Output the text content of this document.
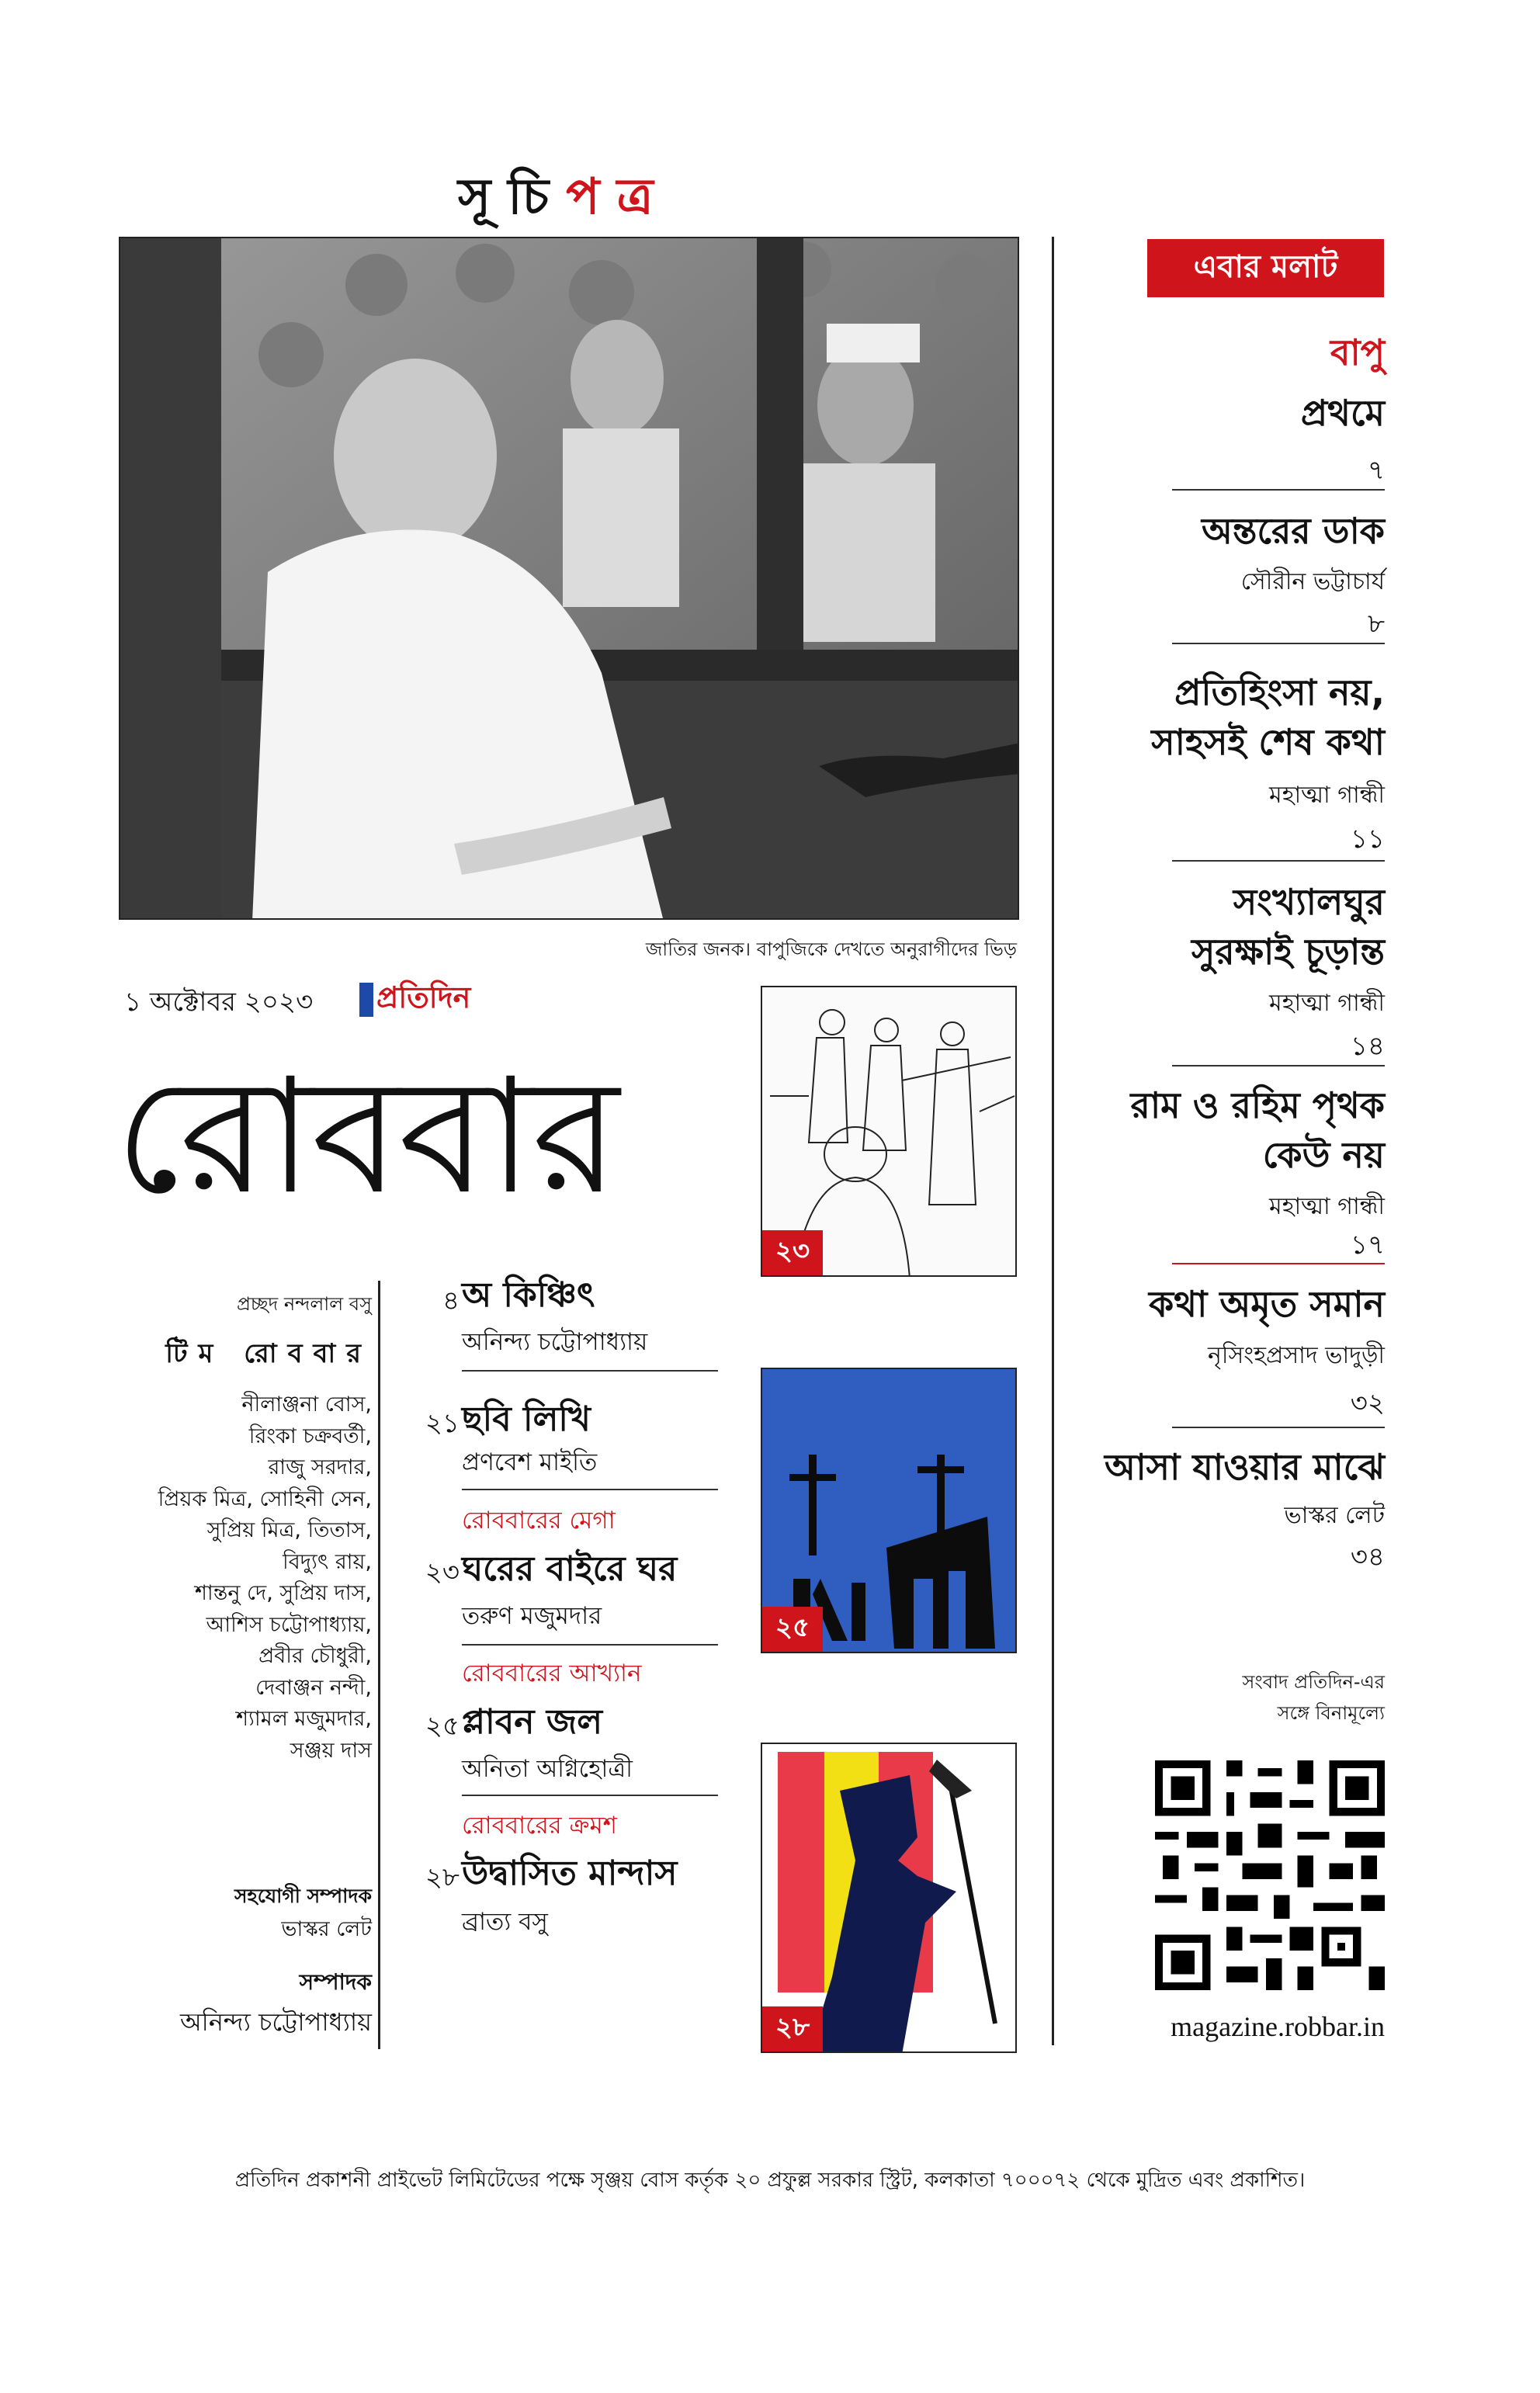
সূচিপত্র
জাতির জনক। বাপুজিকে দেখতে অনুরাগীদের ভিড়
এবার মলাট
বাপু
প্রথমে
৭
অন্তরের ডাক
সৌরীন ভট্টাচার্য
৮
প্রতিহিংসা নয়,
সাহসই শেষ কথা
মহাত্মা গান্ধী
১১
সংখ্যালঘুর
সুরক্ষাই চূড়ান্ত
মহাত্মা গান্ধী
১৪
রাম ও রহিম পৃথক
কেউ নয়
মহাত্মা গান্ধী
১৭
কথা অমৃত সমান
নৃসিংহপ্রসাদ ভাদুড়ী
৩২
আসা যাওয়ার মাঝে
ভাস্কর লেট
৩৪
১ অক্টোবর ২০২৩ প্রতিদিন
রোববার
প্রচ্ছদ নন্দলাল বসু
টিম রোববার
নীলাঞ্জনা বোস,
রিংকা চক্রবর্তী,
রাজু সরদার,
প্রিয়ক মিত্র, সোহিনী সেন,
সুপ্রিয় মিত্র, তিতাস,
বিদ্যুৎ রায়,
শান্তনু দে, সুপ্রিয় দাস,
আশিস চট্টোপাধ্যায়,
প্রবীর চৌধুরী,
দেবাঞ্জন নন্দী,
শ্যামল মজুমদার,
সঞ্জয় দাস
সহযোগী সম্পাদক
ভাস্কর লেট
সম্পাদক
অনিন্দ্য চট্টোপাধ্যায়
৪ অ কিঞ্চিৎ
অনিন্দ্য চট্টোপাধ্যায়
২১ ছবি লিখি
প্রণবেশ মাইতি
রোববারের মেগা
২৩ ঘরের বাইরে ঘর
তরুণ মজুমদার
রোববারের আখ্যান
২৫ প্লাবন জল
অনিতা অগ্নিহোত্রী
রোববারের ক্রমশ
২৮ উদ্বাসিত মান্দাস
ব্রাত্য বসু
২৩
২৫
২৮
সংবাদ প্রতিদিন-এর
সঙ্গে বিনামূল্যে
magazine.robbar.in
প্রতিদিন প্রকাশনী প্রাইভেট লিমিটেডের পক্ষে সৃঞ্জয় বোস কর্তৃক ২০ প্রফুল্ল সরকার স্ট্রিট, কলকাতা ৭০০০৭২ থেকে মুদ্রিত এবং প্রকাশিত।
